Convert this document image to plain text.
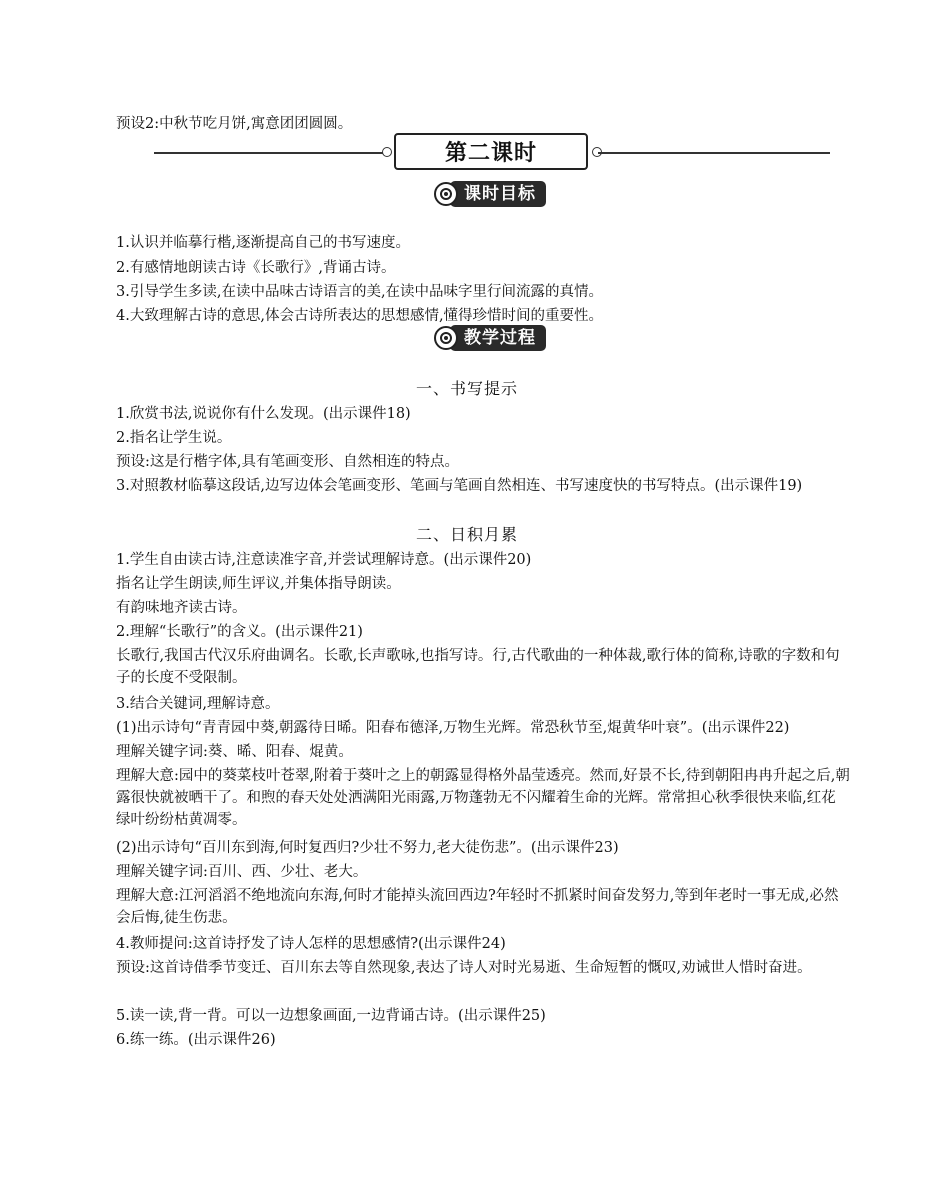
预设2:中秋节吃月饼,寓意团团圆圆。
第二课时
课时目标
1.认识并临摹行楷,逐渐提高自己的书写速度。
2.有感情地朗读古诗《长歌行》,背诵古诗。
3.引导学生多读,在读中品味古诗语言的美,在读中品味字里行间流露的真情。
4.大致理解古诗的意思,体会古诗所表达的思想感情,懂得珍惜时间的重要性。
教学过程
一、书写提示
1.欣赏书法,说说你有什么发现。(出示课件18)
2.指名让学生说。
预设:这是行楷字体,具有笔画变形、自然相连的特点。
3.对照教材临摹这段话,边写边体会笔画变形、笔画与笔画自然相连、书写速度快的书写特点。(出示课件19)
二、日积月累
1.学生自由读古诗,注意读准字音,并尝试理解诗意。(出示课件20)
指名让学生朗读,师生评议,并集体指导朗读。
有韵味地齐读古诗。
2.理解“长歌行”的含义。(出示课件21)
长歌行,我国古代汉乐府曲调名。长歌,长声歌咏,也指写诗。行,古代歌曲的一种体裁,歌行体的简称,诗歌的字数和句子的长度不受限制。
3.结合关键词,理解诗意。
(1)出示诗句“青青园中葵,朝露待日晞。阳春布德泽,万物生光辉。常恐秋节至,焜黄华叶衰”。(出示课件22)
理解关键字词:葵、晞、阳春、焜黄。
理解大意:园中的葵菜枝叶苍翠,附着于葵叶之上的朝露显得格外晶莹透亮。然而,好景不长,待到朝阳冉冉升起之后,朝露很快就被晒干了。和煦的春天处处洒满阳光雨露,万物蓬勃无不闪耀着生命的光辉。常常担心秋季很快来临,红花绿叶纷纷枯黄凋零。
(2)出示诗句“百川东到海,何时复西归?少壮不努力,老大徒伤悲”。(出示课件23)
理解关键字词:百川、西、少壮、老大。
理解大意:江河滔滔不绝地流向东海,何时才能掉头流回西边?年轻时不抓紧时间奋发努力,等到年老时一事无成,必然会后悔,徒生伤悲。
4.教师提问:这首诗抒发了诗人怎样的思想感情?(出示课件24)
预设:这首诗借季节变迁、百川东去等自然现象,表达了诗人对时光易逝、生命短暂的慨叹,劝诫世人惜时奋进。
5.读一读,背一背。可以一边想象画面,一边背诵古诗。(出示课件25)
6.练一练。(出示课件26)
